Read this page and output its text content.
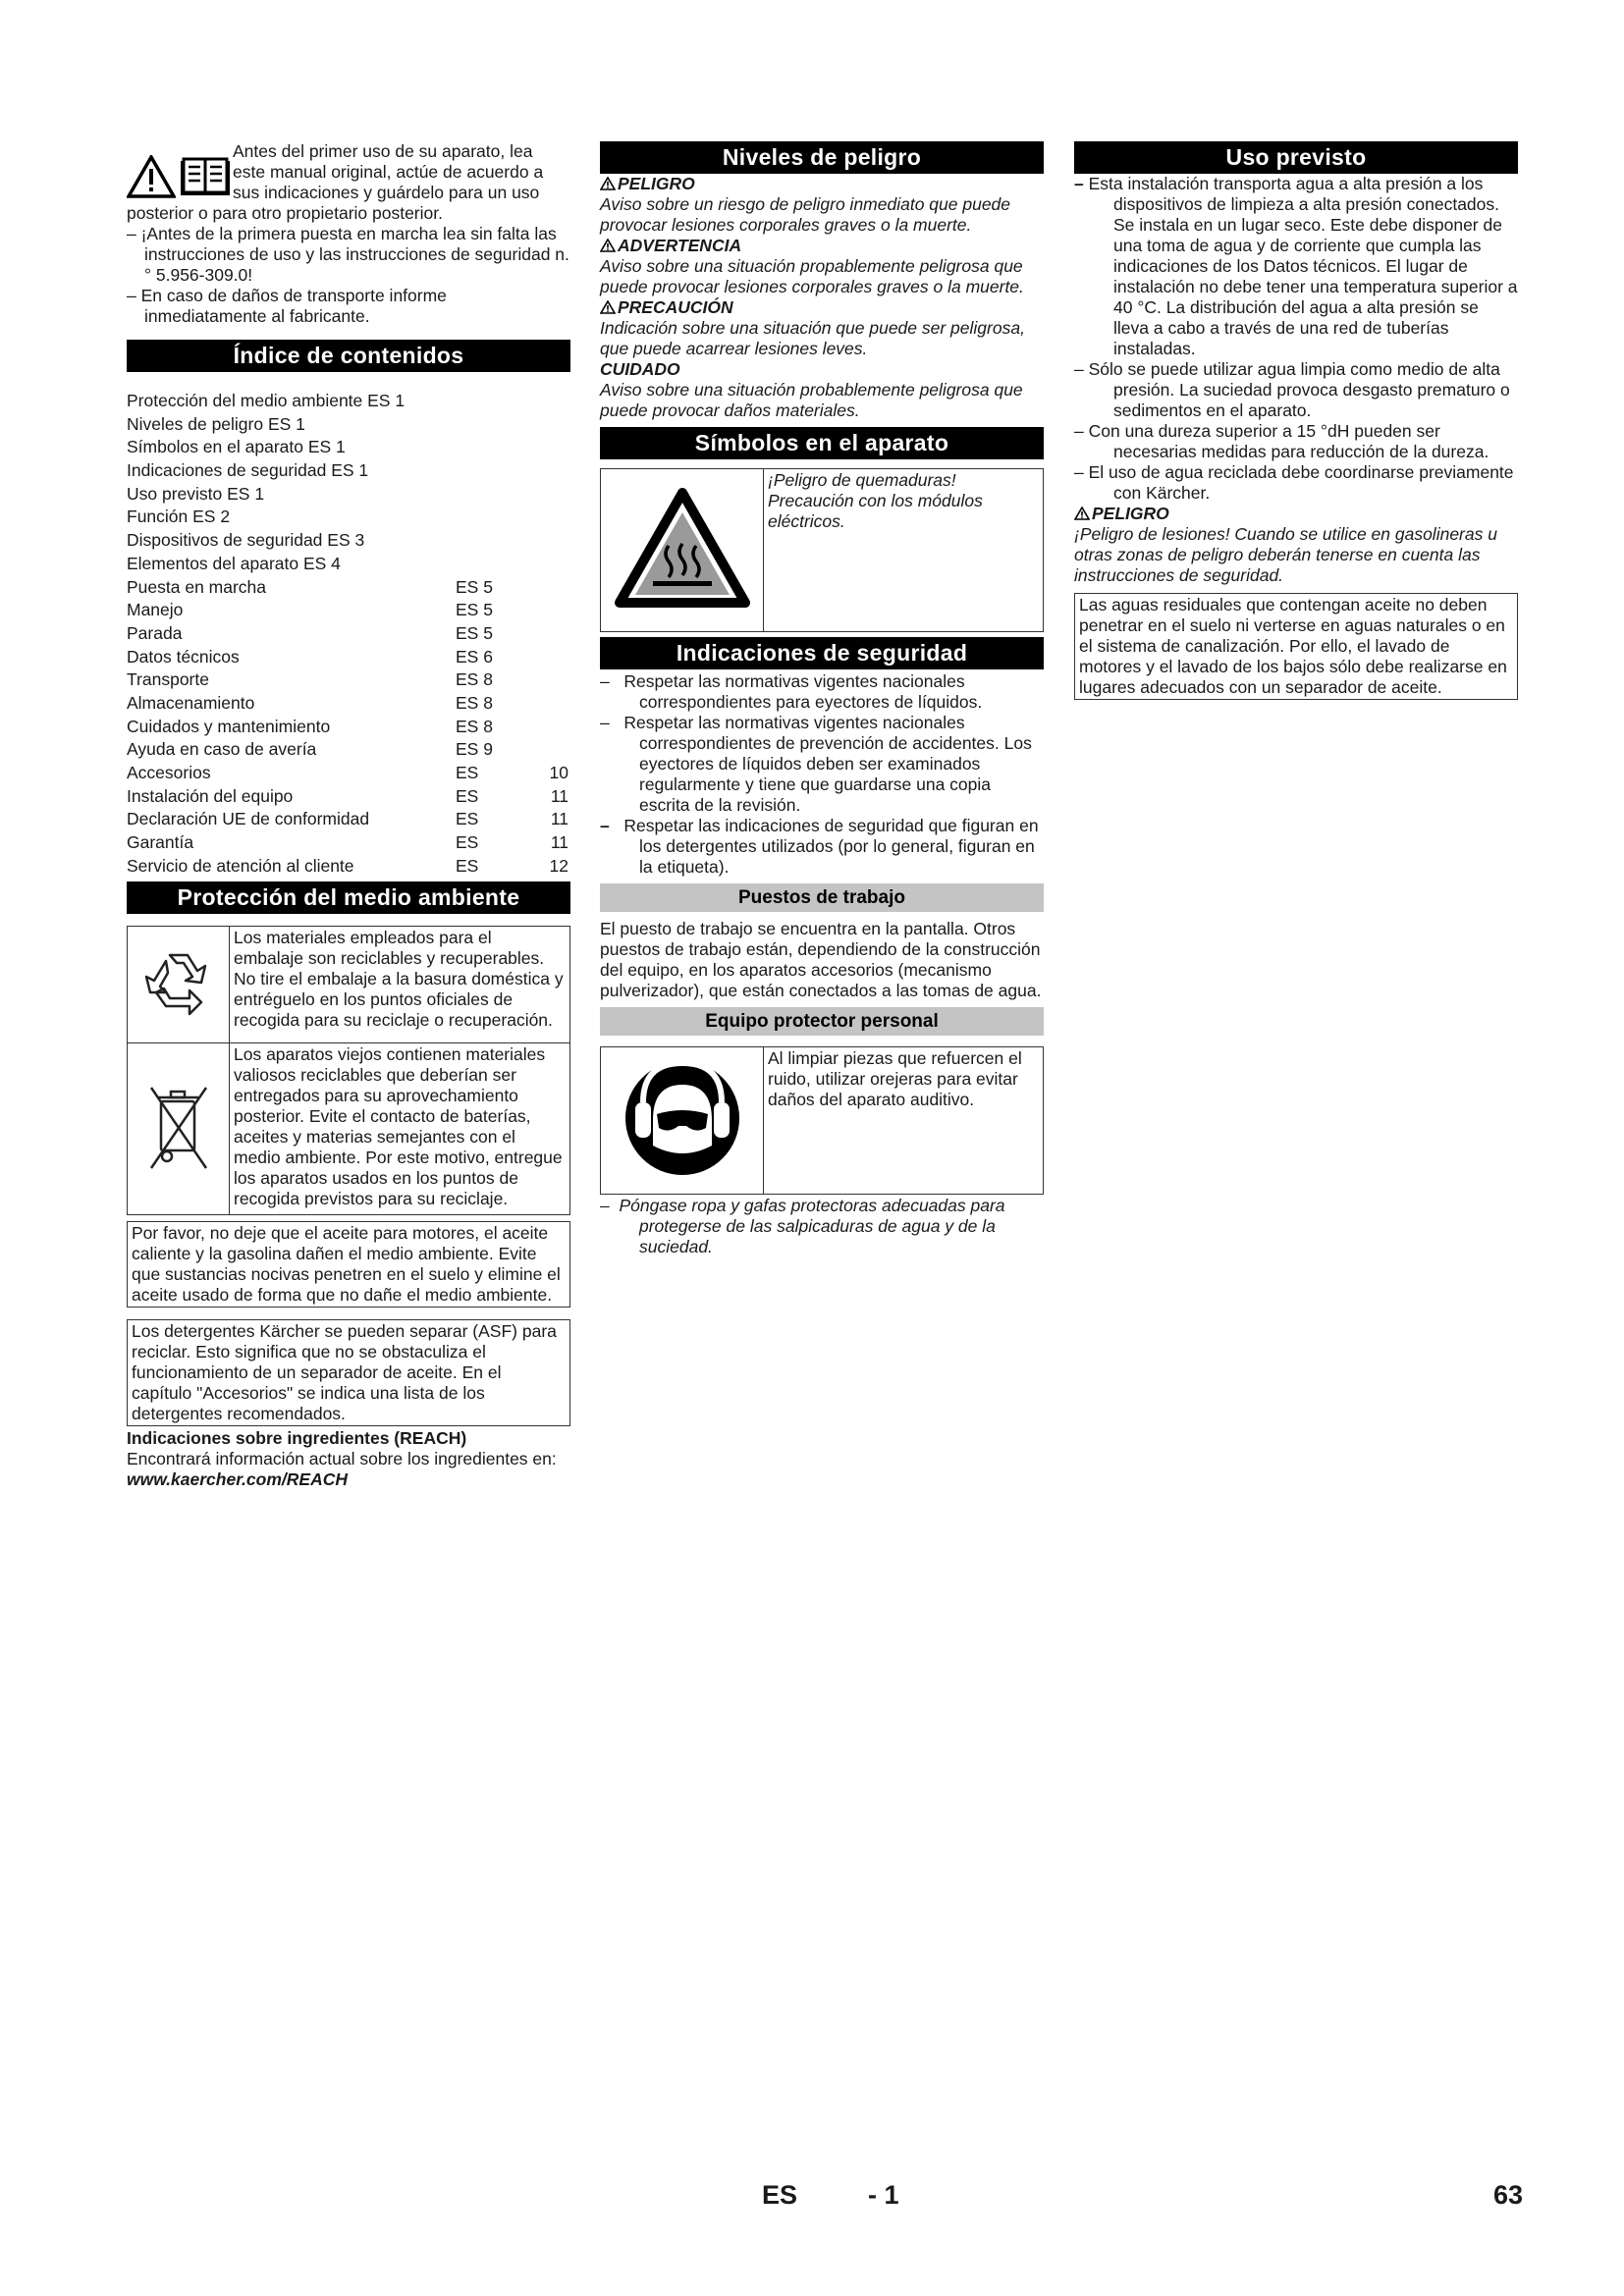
Antes del primer uso de su aparato, lea

este manual original, actúe de acuerdo a

sus indicaciones y guárdelo para un uso

posterior o para otro propietario posterior.

– ¡Antes de la primera puesta en marcha lea sin falta las instrucciones de uso y las instrucciones de seguridad n.° 5.956-309.0!

– En caso de daños de transporte informe inmediatamente al fabricante.

Índice de contenidos
Protección del medio ambiente ES 1
Niveles de peligro ES 1
Símbolos en el aparato ES 1
Indicaciones de seguridad ES 1
Uso previsto ES 1
Función ES 2
Dispositivos de seguridad ES 3
Elementos del aparato ES 4
Puesta en marcha	ES 5
Manejo	ES 5
Parada	ES 5
Datos técnicos	ES 6
Transporte	ES 8
Almacenamiento	ES 8
Cuidados y mantenimiento	ES 8
Ayuda en caso de avería	ES 9
Accesorios	ES	10
Instalación del equipo	ES	11
Declaración UE de conformidad	ES	11
Garantía	ES	11
Servicio de atención al cliente	ES	12
Protección del medio ambiente
	Los materiales empleados para el embalaje son reciclables y recuperables. No tire el embalaje a la basura doméstica y entréguelo en los puntos oficiales de recogida para su reciclaje o recuperación.
	Los aparatos viejos contienen materiales valiosos reciclables que deberían ser entregados para su aprovechamiento posterior. Evite el contacto de baterías, aceites y materias semejantes con el medio ambiente. Por este motivo, entregue los aparatos usados en los puntos de recogida previstos para su reciclaje.
Por favor, no deje que el aceite para motores, el aceite caliente y la gasolina dañen el medio ambiente. Evite que sustancias nocivas penetren en el suelo y elimine el aceite usado de forma que no dañe el medio ambiente.
Los detergentes Kärcher se pueden separar (ASF) para reciclar. Esto significa que no se obstaculiza el funcionamiento de un separador de aceite. En el capítulo "Accesorios" se indica una lista de los detergentes recomendados.

Indicaciones sobre ingredientes (REACH)

Encontrará información actual sobre los ingredientes en:

www.kaercher.com/REACH

Niveles de peligro

PELIGRO

Aviso sobre un riesgo de peligro inmediato que puede provocar lesiones corporales graves o la muerte.

ADVERTENCIA

Aviso sobre una situación propablemente peligrosa que puede provocar lesiones corporales graves o la muerte.

PRECAUCIÓN

Indicación sobre una situación que puede ser peligrosa, que puede acarrear lesiones leves.

CUIDADO

Aviso sobre una situación probablemente peligrosa que puede provocar daños materiales.

Símbolos en el aparato
	¡Peligro de quemaduras! Precaución con los módulos eléctricos.
Indicaciones de seguridad

–   Respetar las normativas vigentes nacionales correspondientes para eyectores de líquidos.

–   Respetar las normativas vigentes nacionales correspondientes de prevención de accidentes. Los eyectores de líquidos deben ser examinados regularmente y tiene que guardarse una copia escrita de la revisión.

– Respetar las indicaciones de seguridad que figuran en los detergentes utilizados (por lo general, figuran en la etiqueta).

Puestos de trabajo

El puesto de trabajo se encuentra en la pantalla. Otros puestos de trabajo están, dependiendo de la construcción del equipo, en los aparatos accesorios (mecanismo pulverizador), que están conectados a las tomas de agua.

Equipo protector personal
	Al limpiar piezas que refuercen el ruido, utilizar orejeras para evitar daños del aparato auditivo.

–  Póngase ropa y gafas protectoras adecuadas para protegerse de las salpicaduras de agua y de la suciedad.

Uso previsto

– Esta instalación transporta agua a alta presión a los dispositivos de limpieza a alta presión conectados. Se instala en un lugar seco. Este debe disponer de una toma de agua y de corriente que cumpla las indicaciones de los Datos técnicos. El lugar de instalación no debe tener una temperatura superior a 40 °C. La distribución del agua a alta presión se lleva a cabo a través de una red de tuberías instaladas.

– Sólo se puede utilizar agua limpia como medio de alta presión. La suciedad provoca desgasto prematuro o sedimentos en el aparato.

– Con una dureza superior a 15 °dH pueden ser necesarias medidas para reducción de la dureza.

– El uso de agua reciclada debe coordinarse previamente con Kärcher.

PELIGRO

¡Peligro de lesiones! Cuando se utilice en gasolineras u otras zonas de peligro deberán tenerse en cuenta las instrucciones de seguridad.

Las aguas residuales que contengan aceite no deben penetrar en el suelo ni verterse en aguas naturales o en el sistema de canalización. Por ello, el lavado de motores y el lavado de los bajos sólo debe realizarse en lugares adecuados con un separador de aceite.
ES	- 1	63
